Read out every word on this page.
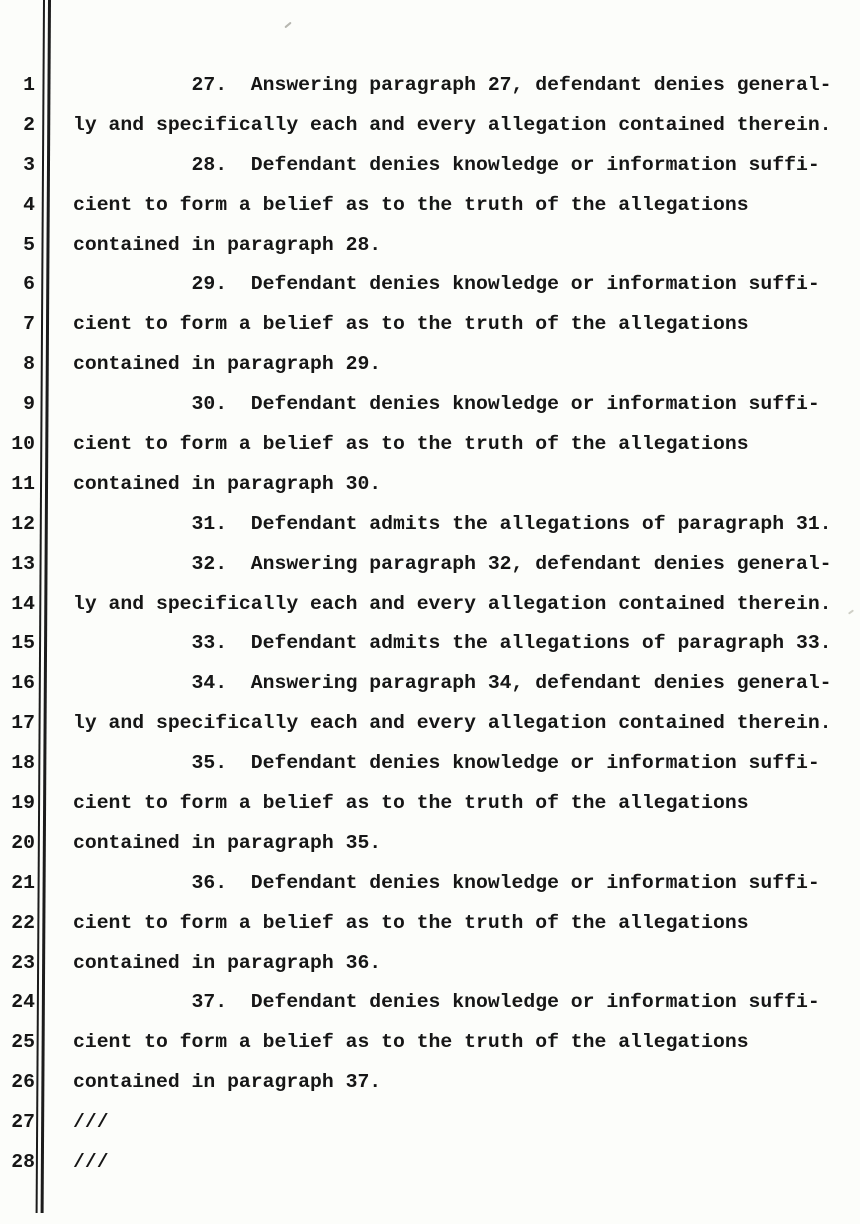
1 27.  Answering paragraph 27, defendant denies general-
2 ly and specifically each and every allegation contained therein.
3 28.  Defendant denies knowledge or information suffi-
4 cient to form a belief as to the truth of the allegations
5 contained in paragraph 28.
6 29.  Defendant denies knowledge or information suffi-
7 cient to form a belief as to the truth of the allegations
8 contained in paragraph 29.
9 30.  Defendant denies knowledge or information suffi-
10 cient to form a belief as to the truth of the allegations
11 contained in paragraph 30.
12 31.  Defendant admits the allegations of paragraph 31.
13 32.  Answering paragraph 32, defendant denies general-
14 ly and specifically each and every allegation contained therein.
15 33.  Defendant admits the allegations of paragraph 33.
16 34.  Answering paragraph 34, defendant denies general-
17 ly and specifically each and every allegation contained therein.
18 35.  Defendant denies knowledge or information suffi-
19 cient to form a belief as to the truth of the allegations
20 contained in paragraph 35.
21 36.  Defendant denies knowledge or information suffi-
22 cient to form a belief as to the truth of the allegations
23 contained in paragraph 36.
24 37.  Defendant denies knowledge or information suffi-
25 cient to form a belief as to the truth of the allegations
26 contained in paragraph 37.
27 ///
28 ///
